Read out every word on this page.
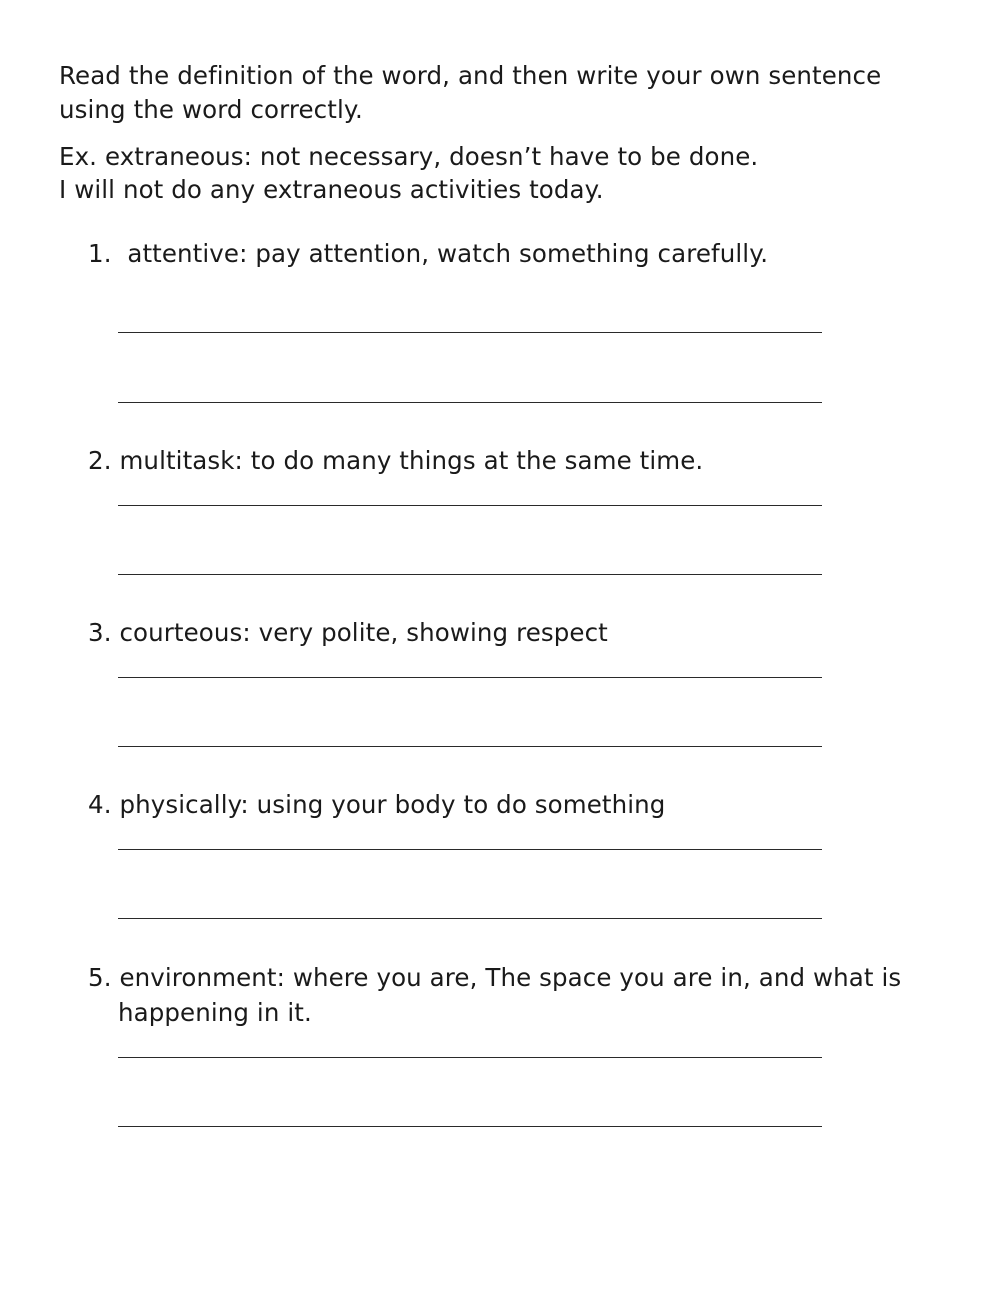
Read the definition of the word, and then write your own sentence

using the word correctly.

Ex. extraneous: not necessary, doesn’t have to be done.

I will not do any extraneous activities today.

1. attentive: pay attention, watch something carefully.

2. multitask: to do many things at the same time.

3. courteous: very polite, showing respect

4. physically: using your body to do something

5. environment: where you are, The space you are in, and what is

happening in it.
